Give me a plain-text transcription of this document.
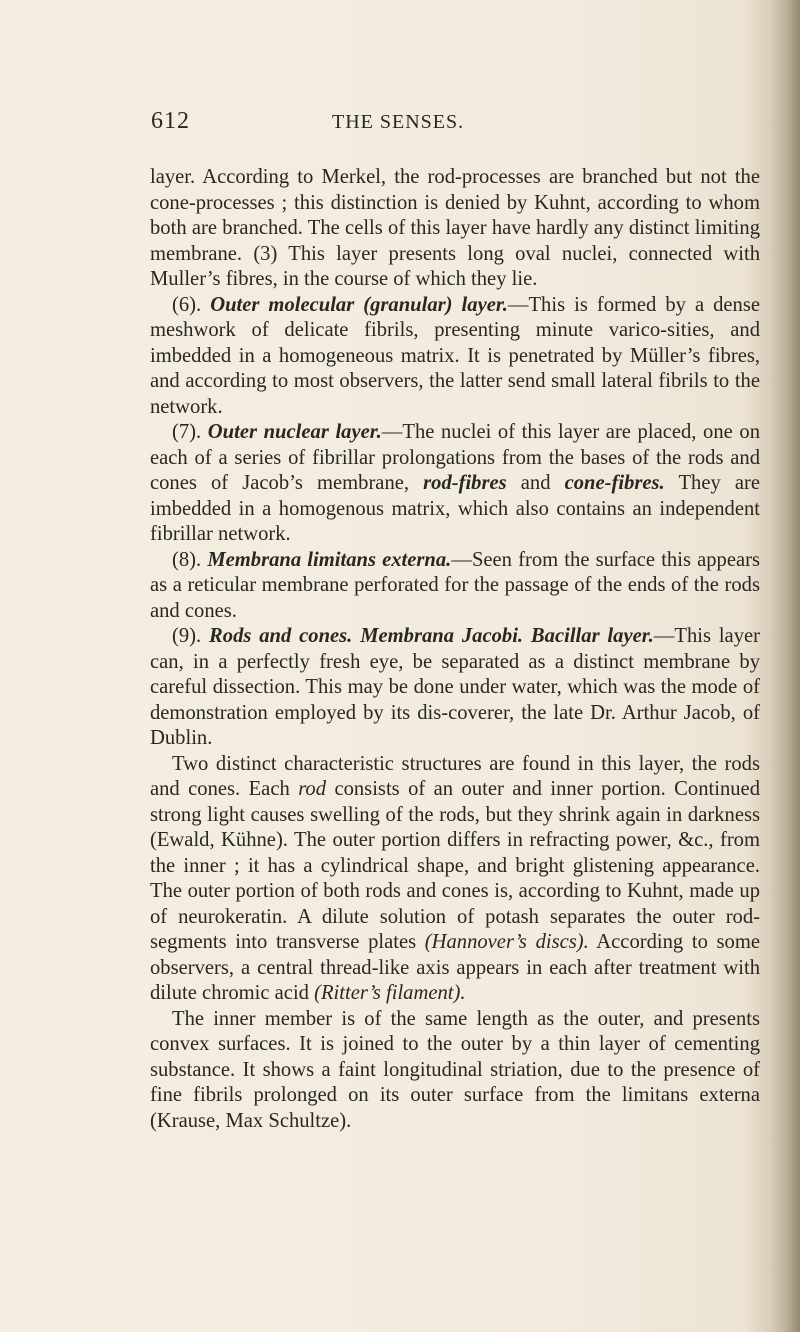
612	THE SENSES.

layer. According to Merkel, the rod-processes are branched but not the cone-processes ; this distinction is denied by Kuhnt, according to whom both are branched. The cells of this layer have hardly any distinct limiting membrane. (3) This layer presents long oval nuclei, connected with Muller’s fibres, in the course of which they lie.

(6). Outer molecular (granular) layer.—This is formed by a dense meshwork of delicate fibrils, presenting minute varico-sities, and imbedded in a homogeneous matrix. It is penetrated by Müller’s fibres, and according to most observers, the latter send small lateral fibrils to the network.

(7). Outer nuclear layer.—The nuclei of this layer are placed, one on each of a series of fibrillar prolongations from the bases of the rods and cones of Jacob’s membrane, rod-fibres and cone-fibres. They are imbedded in a homogenous matrix, which also contains an independent fibrillar network.

(8). Membrana limitans externa.—Seen from the surface this appears as a reticular membrane perforated for the passage of the ends of the rods and cones.

(9). Rods and cones. Membrana Jacobi. Bacillar layer.—This layer can, in a perfectly fresh eye, be separated as a distinct membrane by careful dissection. This may be done under water, which was the mode of demonstration employed by its dis-coverer, the late Dr. Arthur Jacob, of Dublin.

Two distinct characteristic structures are found in this layer, the rods and cones. Each rod consists of an outer and inner portion. Continued strong light causes swelling of the rods, but they shrink again in darkness (Ewald, Kühne). The outer portion differs in refracting power, &c., from the inner ; it has a cylindrical shape, and bright glistening appearance. The outer portion of both rods and cones is, according to Kuhnt, made up of neurokeratin. A dilute solution of potash separates the outer rod-segments into transverse plates (Hannover’s discs). According to some observers, a central thread-like axis appears in each after treatment with dilute chromic acid (Ritter’s filament).

The inner member is of the same length as the outer, and presents convex surfaces. It is joined to the outer by a thin layer of cementing substance. It shows a faint longitudinal striation, due to the presence of fine fibrils prolonged on its outer surface from the limitans externa (Krause, Max Schultze).
